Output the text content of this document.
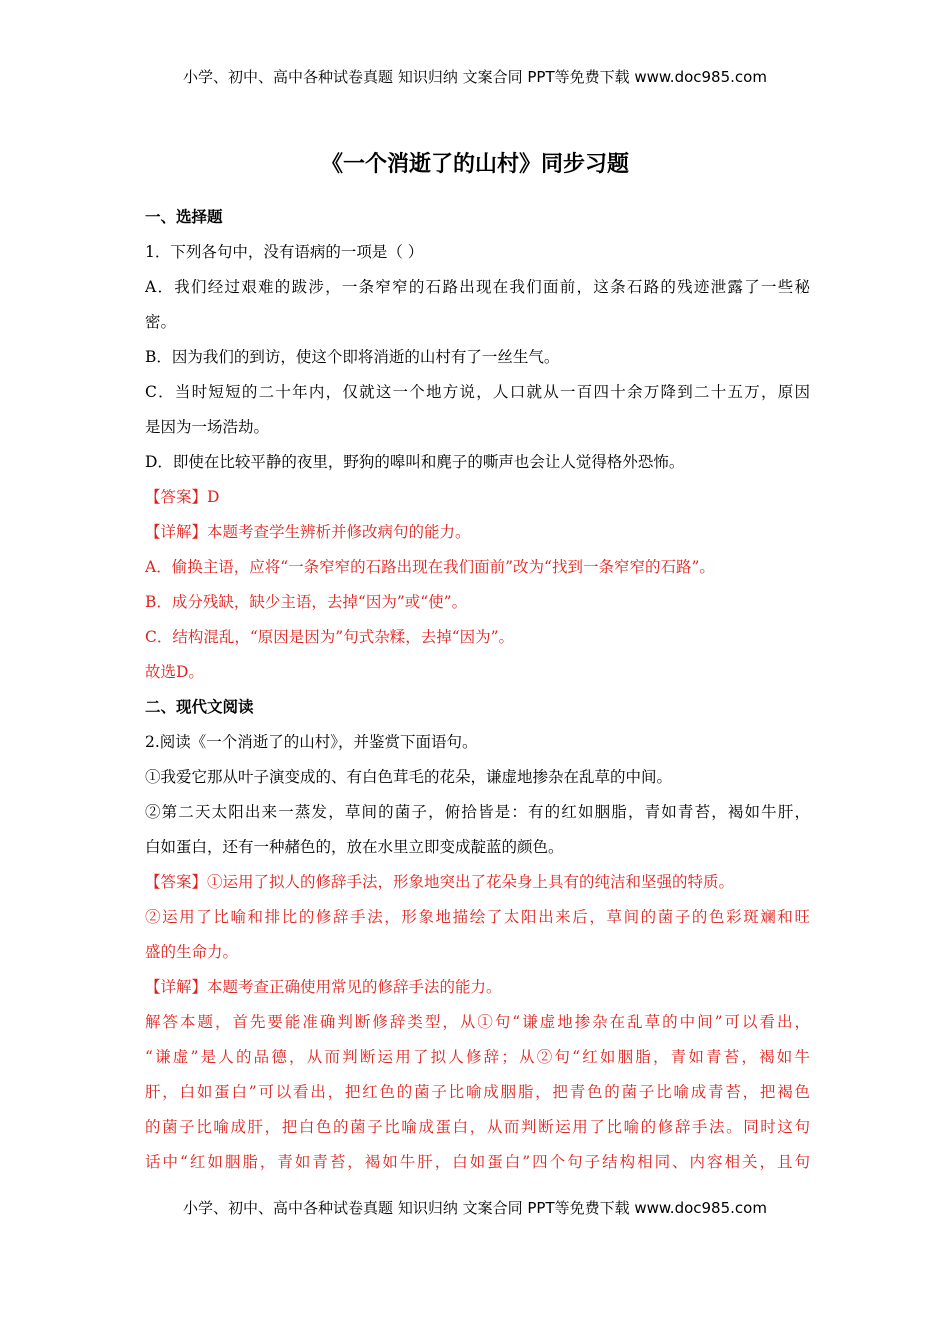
小学、初中、高中各种试卷真题 知识归纳 文案合同 PPT等免费下载 www.doc985.com
《一个消逝了的山村》同步习题
一、选择题
1．下列各句中，没有语病的一项是（ ）
A．我们经过艰难的跋涉，一条窄窄的石路出现在我们面前，这条石路的残迹泄露了一些秘
密。
B．因为我们的到访，使这个即将消逝的山村有了一丝生气。
C．当时短短的二十年内，仅就这一个地方说，人口就从一百四十余万降到二十五万，原因
是因为一场浩劫。
D．即使在比较平静的夜里，野狗的嗥叫和麂子的嘶声也会让人觉得格外恐怖。
【答案】D
【详解】本题考查学生辨析并修改病句的能力。
A．偷换主语，应将“一条窄窄的石路出现在我们面前”改为“找到一条窄窄的石路”。
B．成分残缺，缺少主语，去掉“因为”或“使”。
C．结构混乱，“原因是因为”句式杂糅，去掉“因为”。
故选D。
二、现代文阅读
2.阅读《一个消逝了的山村》，并鉴赏下面语句。
①我爱它那从叶子演变成的、有白色茸毛的花朵，谦虚地掺杂在乱草的中间。
②第二天太阳出来一蒸发，草间的菌子，俯拾皆是：有的红如胭脂，青如青苔，褐如牛肝，
白如蛋白，还有一种赭色的，放在水里立即变成靛蓝的颜色。
【答案】①运用了拟人的修辞手法，形象地突出了花朵身上具有的纯洁和坚强的特质。
②运用了比喻和排比的修辞手法，形象地描绘了太阳出来后，草间的菌子的色彩斑斓和旺
盛的生命力。
【详解】本题考查正确使用常见的修辞手法的能力。
解答本题，首先要能准确判断修辞类型，从①句“谦虚地掺杂在乱草的中间”可以看出，
“谦虚”是人的品德，从而判断运用了拟人修辞；从②句“红如胭脂，青如青苔，褐如牛
肝，白如蛋白”可以看出，把红色的菌子比喻成胭脂，把青色的菌子比喻成青苔，把褐色
的菌子比喻成肝，把白色的菌子比喻成蛋白，从而判断运用了比喻的修辞手法。同时这句
话中“红如胭脂，青如青苔，褐如牛肝，白如蛋白”四个句子结构相同、内容相关，且句
小学、初中、高中各种试卷真题 知识归纳 文案合同 PPT等免费下载 www.doc985.com
